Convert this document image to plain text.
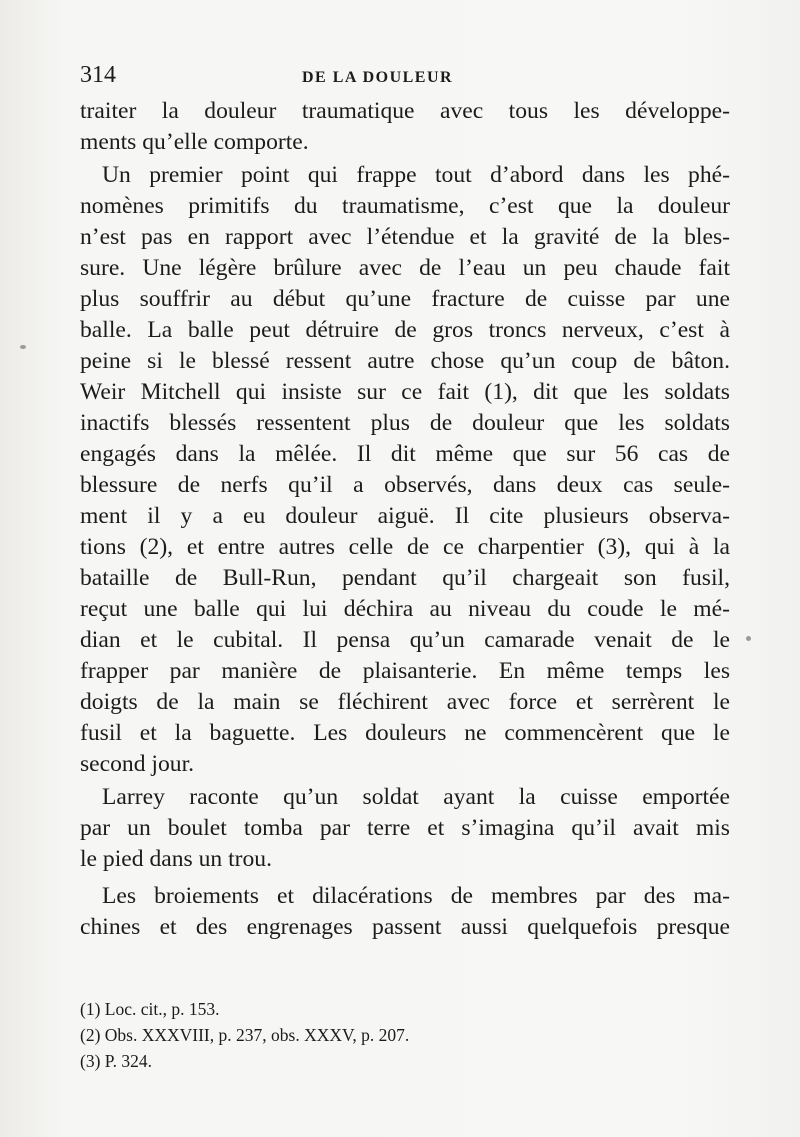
314	DE LA DOULEUR
traiter la douleur traumatique avec tous les développe-
ments qu’elle comporte.
Un premier point qui frappe tout d’abord dans les phé-
nomènes primitifs du traumatisme, c’est que la douleur
n’est pas en rapport avec l’étendue et la gravité de la bles-
sure. Une légère brûlure avec de l’eau un peu chaude fait
plus souffrir au début qu’une fracture de cuisse par une
balle. La balle peut détruire de gros troncs nerveux, c’est à
peine si le blessé ressent autre chose qu’un coup de bâton.
Weir Mitchell qui insiste sur ce fait (1), dit que les soldats
inactifs blessés ressentent plus de douleur que les soldats
engagés dans la mêlée. Il dit même que sur 56 cas de
blessure de nerfs qu’il a observés, dans deux cas seule-
ment il y a eu douleur aiguë. Il cite plusieurs observa-
tions (2), et entre autres celle de ce charpentier (3), qui à la
bataille de Bull-Run, pendant qu’il chargeait son fusil,
reçut une balle qui lui déchira au niveau du coude le mé-
dian et le cubital. Il pensa qu’un camarade venait de le
frapper par manière de plaisanterie. En même temps les
doigts de la main se fléchirent avec force et serrèrent le
fusil et la baguette. Les douleurs ne commencèrent que le
second jour.
Larrey raconte qu’un soldat ayant la cuisse emportée
par un boulet tomba par terre et s’imagina qu’il avait mis
le pied dans un trou.
Les broiements et dilacérations de membres par des ma-
chines et des engrenages passent aussi quelquefois presque
(1) Loc. cit., p. 153.
(2) Obs. XXXVIII, p. 237, obs. XXXV, p. 207.
(3) P. 324.
